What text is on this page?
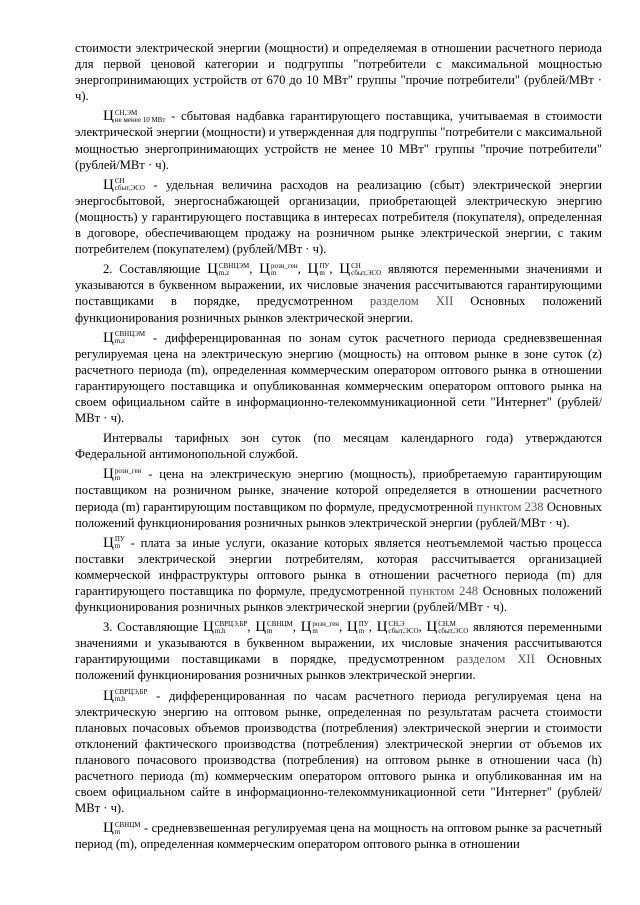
стоимости электрической энергии (мощности) и определяемая в отношении расчетного периода для первой ценовой категории и подгруппы "потребители с максимальной мощностью энергопринимающих устройств от 670 до 10 МВт" группы "прочие потребители" (рублей/МВт · ч).

Ц СН,ЭМ
не менее 10 МВт - сбытовая надбавка гарантирующего поставщика, учитываемая в стоимости электрической энергии (мощности) и утвержденная для подгруппы "потребители с максимальной мощностью энергопринимающих устройств не менее 10 МВт" группы "прочие потребители" (рублей/МВт · ч).

Ц СН
сбыт,ЭСО - удельная величина расходов на реализацию (сбыт) электрической энергии энергосбытовой, энергоснабжающей организации, приобретающей электрическую энергию (мощность) у гарантирующего поставщика в интересах потребителя (покупателя), определенная в договоре, обеспечивающем продажу на розничном рынке электрической энергии, с таким потребителем (покупателем) (рублей/МВт · ч).

2. Составляющие Ц СВНЦЭМ
m,z	, Ц розн_ген
m	, Ц ПУ
m , Ц СН
сбыт,ЭСО являются переменными значениями и указываются в буквенном выражении, их числовые значения рассчитываются гарантирующими поставщиками в порядке, предусмотренном разделом XII Основных положений функционирования розничных рынков электрической энергии.

Ц СВНЦЭМ
m,z	- дифференцированная по зонам суток расчетного периода средневзвешенная регулируемая цена на электрическую энергию (мощность) на оптовом рынке в зоне суток (z) расчетного периода (m), определенная коммерческим оператором оптового рынка в отношении гарантирующего поставщика и опубликованная коммерческим оператором оптового рынка на своем официальном сайте в информационно-телекоммуникационной сети "Интернет" (рублей/МВт · ч).

Интервалы тарифных зон суток (по месяцам календарного года) утверждаются Федеральной антимонопольной службой.

Ц розн_ген
m	- цена на электрическую энергию (мощность), приобретаемую гарантирующим поставщиком на розничном рынке, значение которой определяется в отношении расчетного периода (m) гарантирующим поставщиком по формуле, предусмотренной пунктом 238 Основных положений функционирования розничных рынков электрической энергии (рублей/МВт · ч).

Ц ПУ
m - плата за иные услуги, оказание которых является неотъемлемой частью процесса поставки электрической энергии потребителям, которая рассчитывается организацией коммерческой инфраструктуры оптового рынка в отношении расчетного периода (m) для гарантирующего поставщика по формуле, предусмотренной пунктом 248 Основных положений функционирования розничных рынков электрической энергии (рублей/МВт · ч).

3. Составляющие Ц СВРЦЭ,БР
m,h	, Ц СВНЦМ
m	, Ц розн_ген
m	, Ц ПУ
m , Ц СН,Э
сбыт,ЭСО , Ц СН,М
сбыт,ЭСО являются переменными значениями и указываются в буквенном выражении, их числовые значения рассчитываются гарантирующими поставщиками в порядке, предусмотренном разделом XII Основных положений функционирования розничных рынков электрической энергии.

Ц СВРЦЭ,БР
m,h	- дифференцированная по часам расчетного периода регулируемая цена на электрическую энергию на оптовом рынке, определенная по результатам расчета стоимости плановых почасовых объемов производства (потребления) электрической энергии и стоимости отклонений фактического производства (потребления) электрической энергии от объемов их планового почасового производства (потребления) на оптовом рынке в отношении часа (h) расчетного периода (m) коммерческим оператором оптового рынка и опубликованная им на своем официальном сайте в информационно-телекоммуникационной сети "Интернет" (рублей/МВт · ч).

Ц СВНЦМ
m	- средневзвешенная регулируемая цена на мощность на оптовом рынке за расчетный период (m), определенная коммерческим оператором оптового рынка в отношении
